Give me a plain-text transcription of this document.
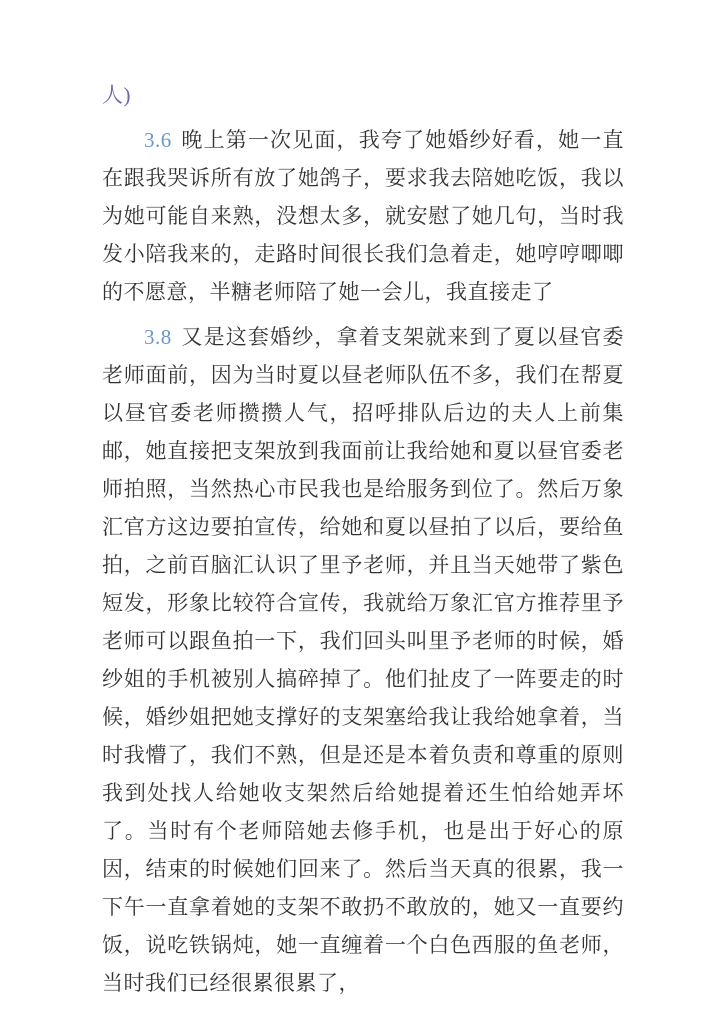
人)

3.6 晚上第一次见面，我夸了她婚纱好看，她一直在跟我哭诉所有放了她鸽子，要求我去陪她吃饭，我以为她可能自来熟，没想太多，就安慰了她几句，当时我发小陪我来的，走路时间很长我们急着走，她哼哼唧唧的不愿意，半糖老师陪了她一会儿，我直接走了

3.8 又是这套婚纱，拿着支架就来到了夏以昼官委老师面前，因为当时夏以昼老师队伍不多，我们在帮夏以昼官委老师攒攒人气，招呼排队后边的夫人上前集邮，她直接把支架放到我面前让我给她和夏以昼官委老师拍照，当然热心市民我也是给服务到位了。然后万象汇官方这边要拍宣传，给她和夏以昼拍了以后，要给鱼拍，之前百脑汇认识了里予老师，并且当天她带了紫色短发，形象比较符合宣传，我就给万象汇官方推荐里予老师可以跟鱼拍一下，我们回头叫里予老师的时候，婚纱姐的手机被别人搞碎掉了。他们扯皮了一阵要走的时候，婚纱姐把她支撑好的支架塞给我让我给她拿着，当时我懵了，我们不熟，但是还是本着负责和尊重的原则我到处找人给她收支架然后给她提着还生怕给她弄坏了。当时有个老师陪她去修手机，也是出于好心的原因，结束的时候她们回来了。然后当天真的很累，我一下午一直拿着她的支架不敢扔不敢放的，她又一直要约饭，说吃铁锅炖，她一直缠着一个白色西服的鱼老师，当时我们已经很累很累了，
